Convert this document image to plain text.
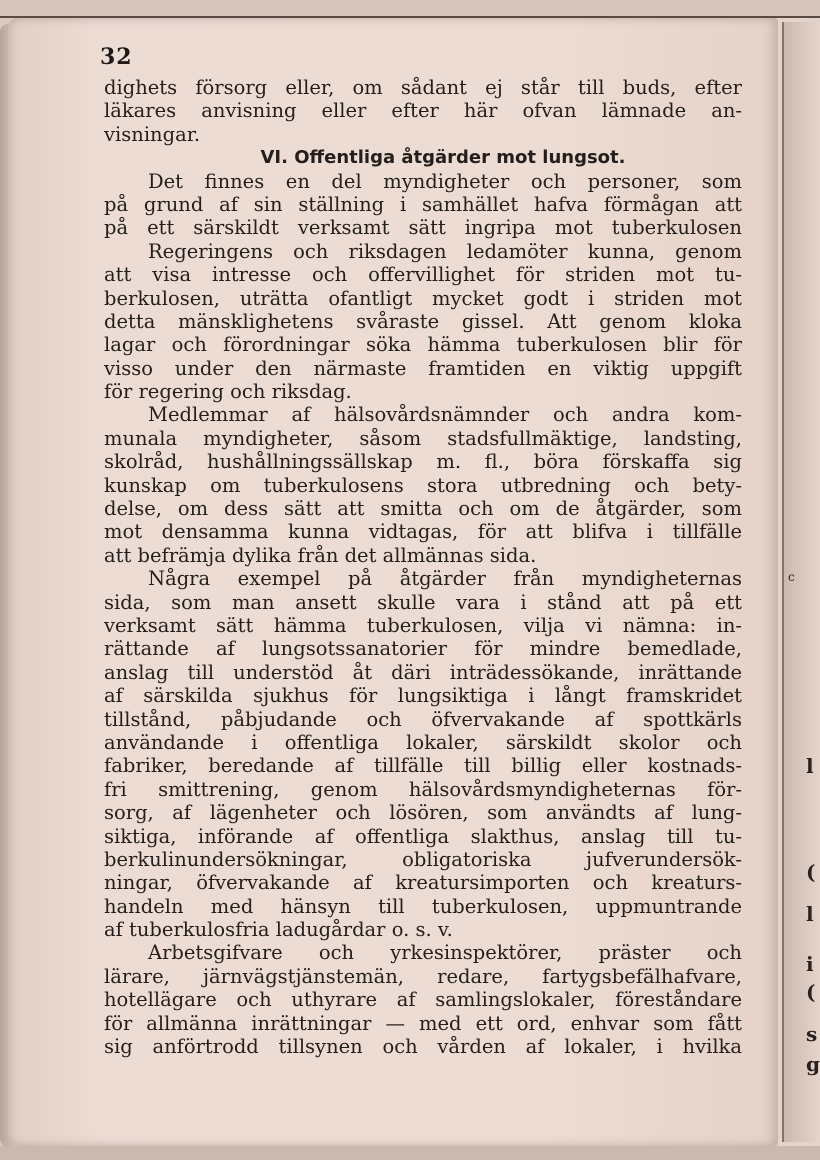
c
l
(
l
i
(
s
g
32
dighets försorg eller, om sådant ej står till buds, efter
läkares anvisning eller efter här ofvan lämnade an-
visningar.
VI. Offentliga åtgärder mot lungsot.
Det finnes en del myndigheter och personer, som
på grund af sin ställning i samhället hafva förmågan att
på ett särskildt verksamt sätt ingripa mot tuberkulosen
Regeringens och riksdagen ledamöter kunna, genom
att visa intresse och offervillighet för striden mot tu-
berkulosen, uträtta ofantligt mycket godt i striden mot
detta mänsklighetens svåraste gissel. Att genom kloka
lagar och förordningar söka hämma tuberkulosen blir för
visso under den närmaste framtiden en viktig uppgift
för regering och riksdag.
Medlemmar af hälsovårdsnämnder och andra kom-
munala myndigheter, såsom stadsfullmäktige, landsting,
skolråd, hushållningssällskap m. fl., böra förskaffa sig
kunskap om tuberkulosens stora utbredning och bety-
delse, om dess sätt att smitta och om de åtgärder, som
mot densamma kunna vidtagas, för att blifva i tillfälle
att befrämja dylika från det allmännas sida.
Några exempel på åtgärder från myndigheternas
sida, som man ansett skulle vara i stånd att på ett
verksamt sätt hämma tuberkulosen, vilja vi nämna: in-
rättande af lungsotssanatorier för mindre bemedlade,
anslag till understöd åt däri inträdessökande, inrättande
af särskilda sjukhus för lungsiktiga i långt framskridet
tillstånd, påbjudande och öfvervakande af spottkärls
användande i offentliga lokaler, särskildt skolor och
fabriker, beredande af tillfälle till billig eller kostnads-
fri smittrening, genom hälsovårdsmyndigheternas för-
sorg, af lägenheter och lösören, som användts af lung-
siktiga, införande af offentliga slakthus, anslag till tu-
berkulinundersökningar, obligatoriska jufverundersök-
ningar, öfvervakande af kreatursimporten och kreaturs-
handeln med hänsyn till tuberkulosen, uppmuntrande
af tuberkulosfria ladugårdar o. s. v.
Arbetsgifvare och yrkesinspektörer, präster och
lärare, järnvägstjänstemän, redare, fartygsbefälhafvare,
hotellägare och uthyrare af samlingslokaler, föreståndare
för allmänna inrättningar — med ett ord, enhvar som fått
sig anförtrodd tillsynen och vården af lokaler, i hvilka
